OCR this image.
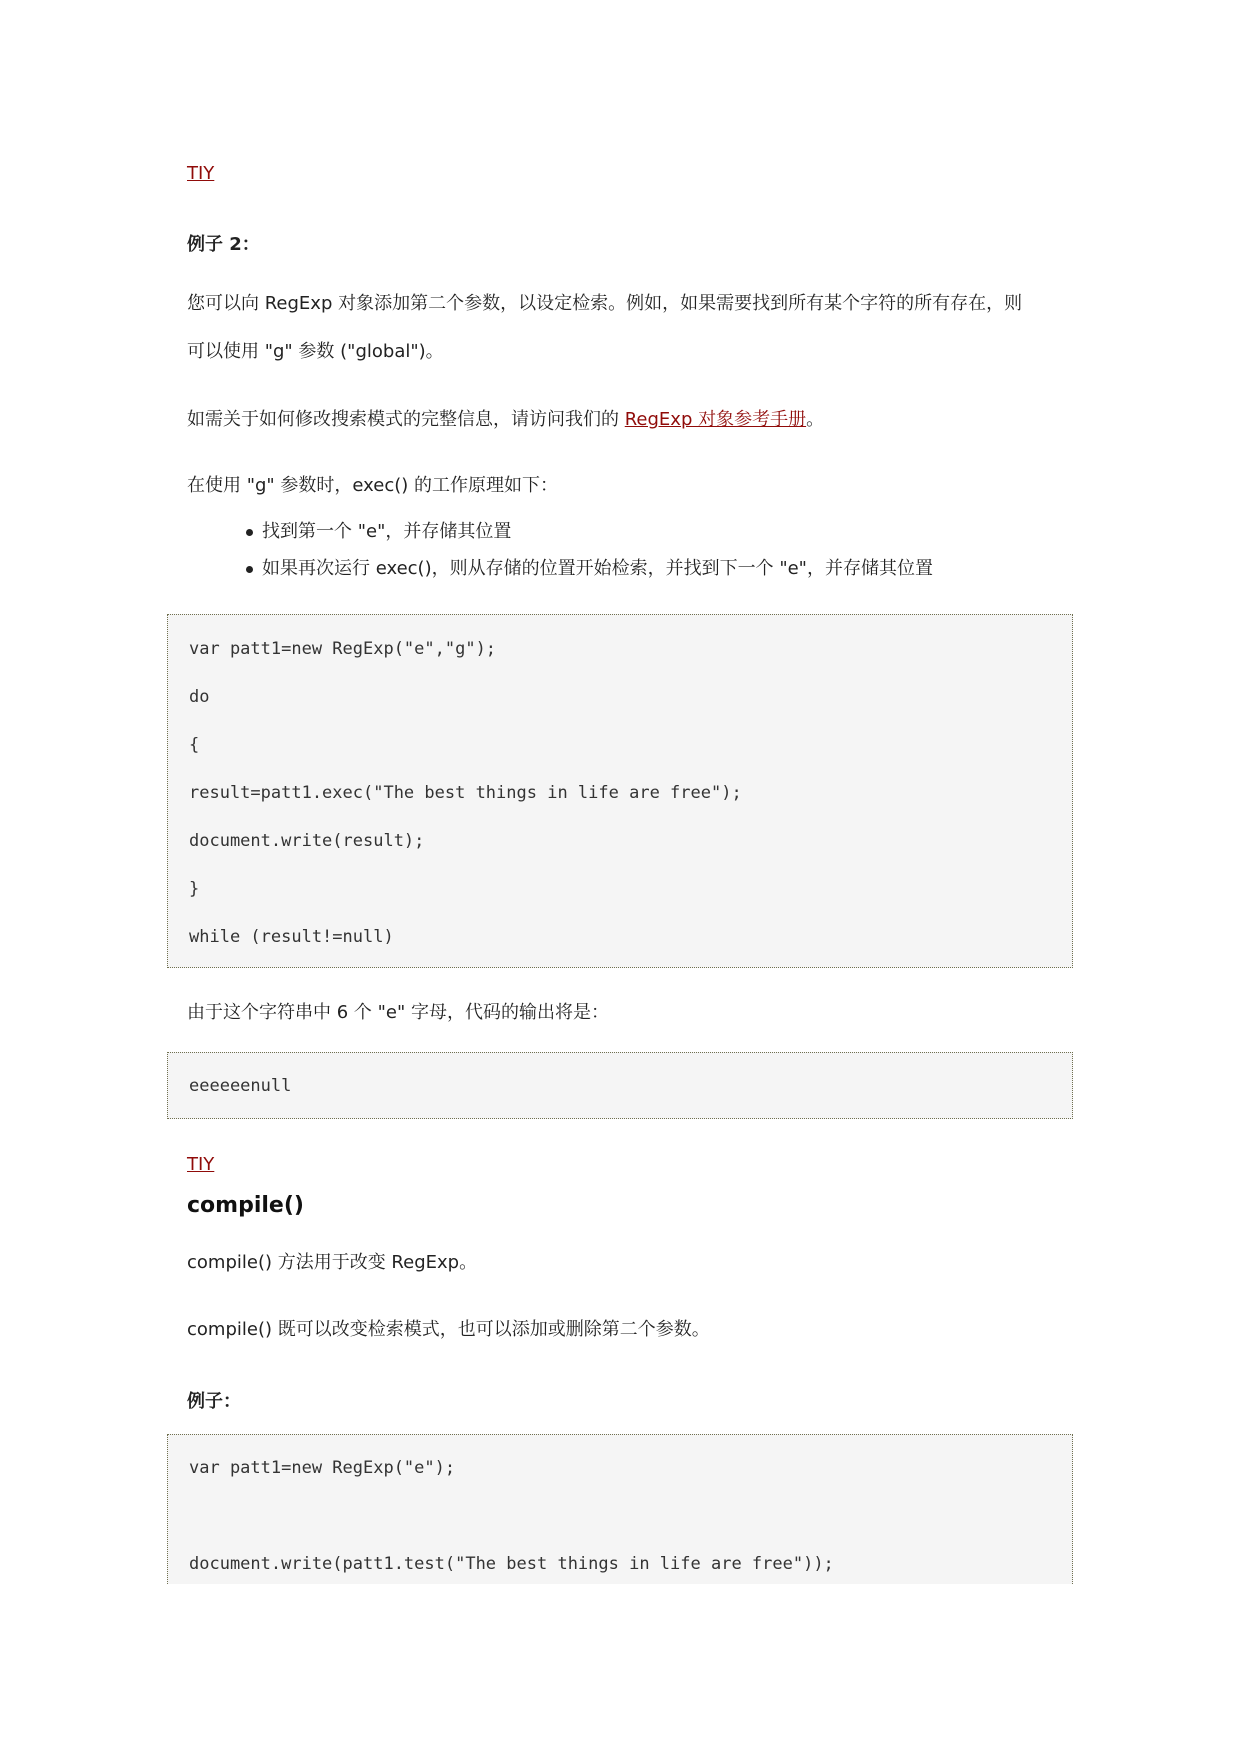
TIY
例子 2：
您可以向 RegExp 对象添加第二个参数，以设定检索。例如，如果需要找到所有某个字符的所有存在，则
可以使用 "g" 参数 ("global")。
如需关于如何修改搜索模式的完整信息，请访问我们的 RegExp 对象参考手册。
在使用 "g" 参数时，exec() 的工作原理如下：
找到第一个 "e"，并存储其位置
如果再次运行 exec()，则从存储的位置开始检索，并找到下一个 "e"，并存储其位置
var patt1=new RegExp("e","g");
do
{
result=patt1.exec("The best things in life are free");
document.write(result);
}
while (result!=null)
由于这个字符串中 6 个 "e" 字母，代码的输出将是：
eeeeeenull
TIY
compile()
compile() 方法用于改变 RegExp。
compile() 既可以改变检索模式，也可以添加或删除第二个参数。
例子：
var patt1=new RegExp("e");
document.write(patt1.test("The best things in life are free"));
